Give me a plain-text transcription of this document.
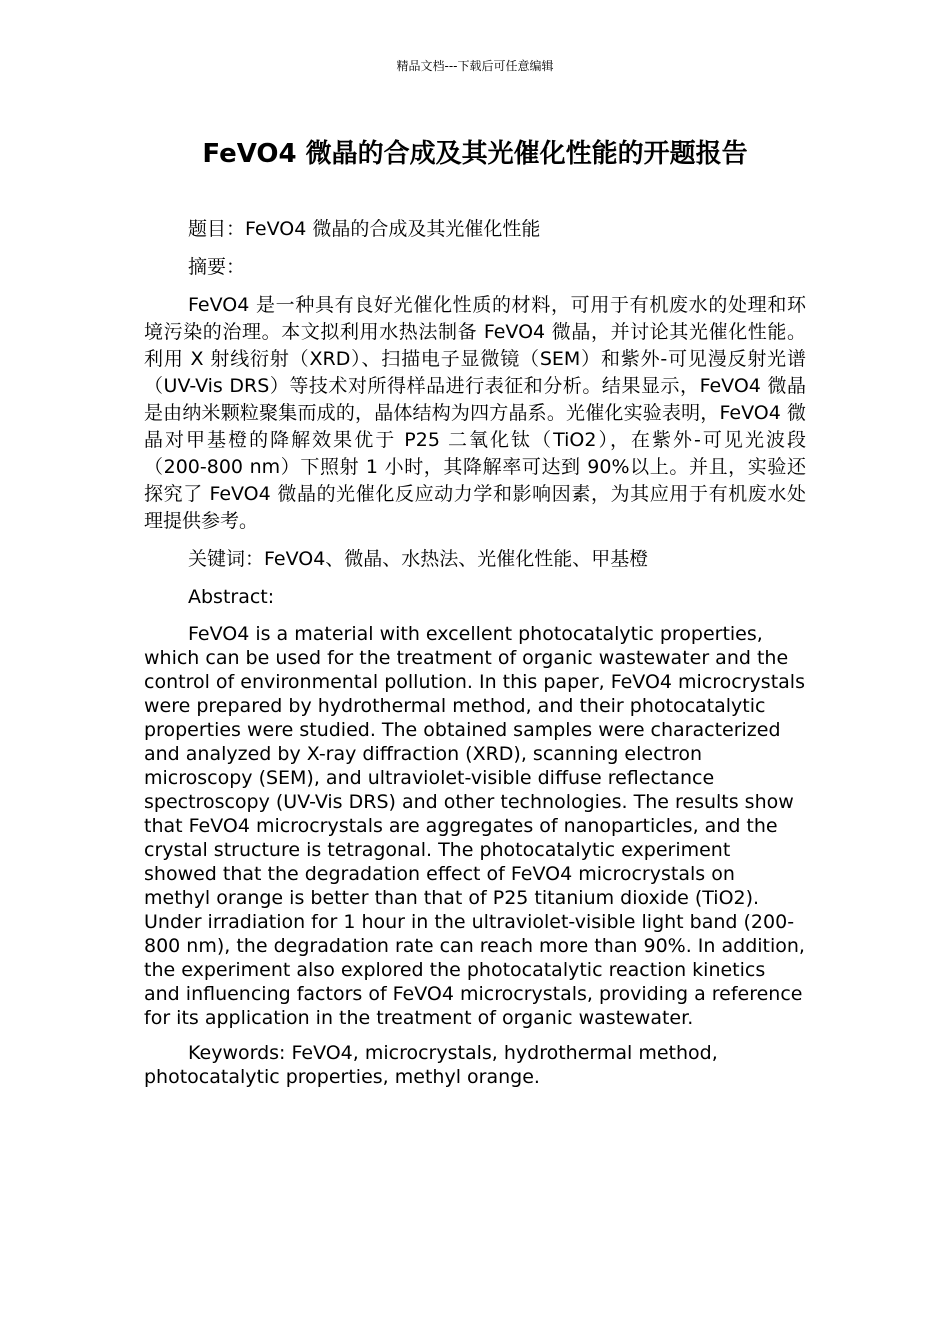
精品文档---下载后可任意编辑
FeVO4 微晶的合成及其光催化性能的开题报告

题目：FeVO4 微晶的合成及其光催化性能

摘要：

FeVO4 是一种具有良好光催化性质的材料，可用于有机废水的处理和环境污染的治理。本文拟利用水热法制备 FeVO4 微晶，并讨论其光催化性能。利用 X 射线衍射（XRD）、扫描电子显微镜（SEM）和紫外-可见漫反射光谱（UV-Vis DRS）等技术对所得样品进行表征和分析。结果显示，FeVO4 微晶是由纳米颗粒聚集而成的，晶体结构为四方晶系。光催化实验表明，FeVO4 微晶对甲基橙的降解效果优于 P25 二氧化钛（TiO2），在紫外-可见光波段（200-800 nm）下照射 1 小时，其降解率可达到 90%以上。并且，实验还探究了 FeVO4 微晶的光催化反应动力学和影响因素，为其应用于有机废水处理提供参考。

关键词：FeVO4、微晶、水热法、光催化性能、甲基橙

Abstract:

FeVO4 is a material with excellent photocatalytic properties, which can be used for the treatment of organic wastewater and the control of environmental pollution. In this paper, FeVO4 microcrystals were prepared by hydrothermal method, and their photocatalytic properties were studied. The obtained samples were characterized and analyzed by X-ray diffraction (XRD), scanning electron microscopy (SEM), and ultraviolet-visible diffuse reflectance spectroscopy (UV-Vis DRS) and other technologies. The results show that FeVO4 microcrystals are aggregates of nanoparticles, and the crystal structure is tetragonal. The photocatalytic experiment showed that the degradation effect of FeVO4 microcrystals on methyl orange is better than that of P25 titanium dioxide (TiO2). Under irradiation for 1 hour in the ultraviolet-visible light band (200-800 nm), the degradation rate can reach more than 90%. In addition, the experiment also explored the photocatalytic reaction kinetics and influencing factors of FeVO4 microcrystals, providing a reference for its application in the treatment of organic wastewater.

Keywords: FeVO4, microcrystals, hydrothermal method, photocatalytic properties, methyl orange.
